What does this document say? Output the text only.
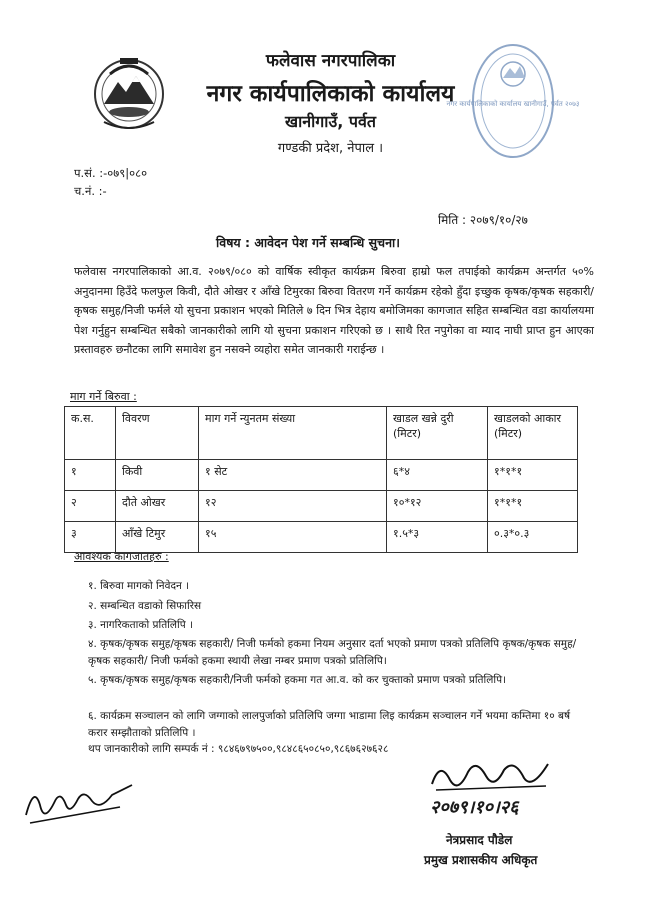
नगर कार्यपालिकाको कार्यालय खानीगाउँ, पर्वत २०७३
फलेवास नगरपालिका
नगर कार्यपालिकाको कार्यालय
खानीगाउँ, पर्वत
गण्डकी प्रदेश, नेपाल ।
प.सं. :-०७९|०८०
च.नं. :-
मिति : २०७९/१०/२७
विषय : आवेदन पेश गर्ने सम्बन्धि सुचना।
फलेवास नगरपालिकाको आ.व. २०७९/०८० को वार्षिक स्वीकृत कार्यक्रम बिरुवा हाम्रो फल तपाईको कार्यक्रम अन्तर्गत ५०% अनुदानमा हिउँदे फलफुल किवी, दौते ओखर र आँखे टिमुरका बिरुवा वितरण गर्ने कार्यक्रम रहेको हुँदा इच्छुक कृषक/कृषक सहकारी/कृषक समुह/निजी फर्मले यो सुचना प्रकाशन भएको मितिले ७ दिन भित्र देहाय बमोजिमका कागजात सहित सम्बन्धित वडा कार्यालयमा पेश गर्नुहुन सम्बन्धित सबैको जानकारीको लागि यो सुचना प्रकाशन गरिएको छ । साथै रित नपुगेका वा म्याद नाघी प्राप्त हुन आएका प्रस्तावहरु छनौटका लागि समावेश हुन नसक्ने व्यहोरा समेत जानकारी गराईन्छ ।
माग गर्ने बिरुवा :
क.स.	विवरण	माग गर्ने न्युनतम संख्या	खाडल खन्ने दुरी (मिटर)	खाडलको आकार (मिटर)
१	किवी	१ सेट	६*४	१*१*१
२	दौते ओखर	१२	१०*१२	१*१*१
३	आँखे टिमुर	१५	१.५*३	०.३*०.३
आवश्यक कागजातहरु :
१. बिरुवा मागको निवेदन ।
२. सम्बन्धित वडाको सिफारिस
३. नागरिकताको प्रतिलिपि ।
४. कृषक/कृषक समुह/कृषक सहकारी/ निजी फर्मको हकमा नियम अनुसार दर्ता भएको प्रमाण पत्रको प्रतिलिपि कृषक/कृषक समुह/कृषक सहकारी/ निजी फर्मको हकमा स्थायी लेखा नम्बर प्रमाण पत्रको प्रतिलिपि।
५. कृषक/कृषक समुह/कृषक सहकारी/निजी फर्मको हकमा गत आ.व. को कर चुक्ताको प्रमाण पत्रको प्रतिलिपि।
६. कार्यक्रम सञ्चालन को लागि जग्गाको लालपुर्जाको प्रतिलिपि जग्गा भाडामा लिइ कार्यक्रम सञ्चालन गर्ने भयमा कम्तिमा १० बर्ष करार सम्झौताको प्रतिलिपि ।
थप जानकारीको लागि सम्पर्क नं : ९८४६७९७५००,९८४८६५०८५०,९८६७६२७६२८
२०७९।१०।२६
नेत्रप्रसाद पौडेल
प्रमुख प्रशासकीय अधिकृत
